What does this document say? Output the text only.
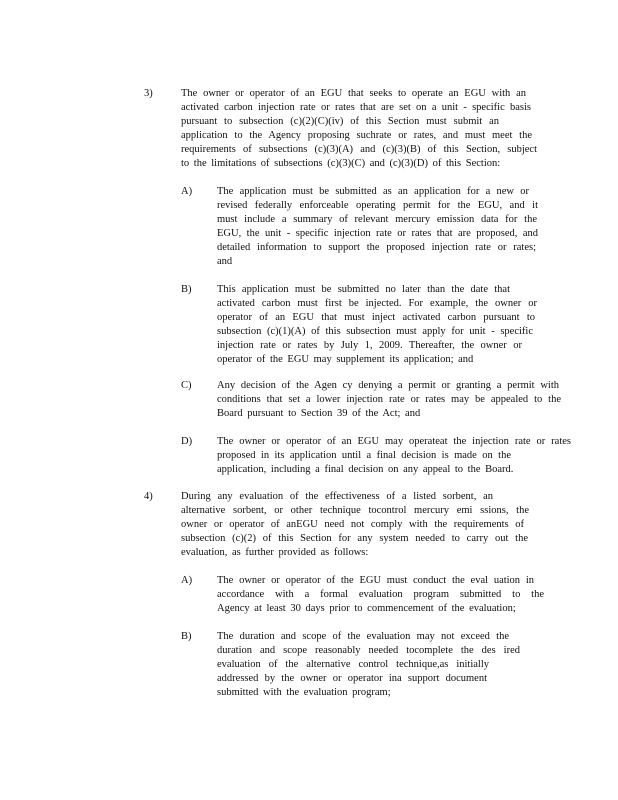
3)	The owner or operator of an EGU that seeks to operate an EGU with an
activated carbon injection rate or rates that are set on a unit - specific basis
pursuant to subsection (c)(2)(C)(iv) of this Section must submit an
application to the Agency proposing suchrate or rates, and must meet the
requirements of subsections (c)(3)(A) and (c)(3)(B) of this Section, subject
to the limitations of subsections (c)(3)(C) and (c)(3)(D) of this Section:
A) The application must be submitted as an application for a new or
revised federally enforceable operating permit for the EGU, and it
must include a summary of relevant mercury emission data for the
EGU, the unit - specific injection rate or rates that are proposed, and
detailed information to support the proposed injection rate or rates;
and
B) This application must be submitted no later than the date that
activated carbon must first be injected. For example, the owner or
operator of an EGU that must inject activated carbon pursuant to
subsection (c)(1)(A) of this subsection must apply for unit - specific
injection rate or rates by July 1, 2009. Thereafter, the owner or
operator of the EGU may supplement its application; and
C) Any decision of the Agen cy denying a permit or granting a permit with
conditions that set a lower injection rate or rates may be appealed to the
Board pursuant to Section 39 of the Act; and
D) The owner or operator of an EGU may operateat the injection rate or rates
proposed in its application until a final decision is made on the
application, including a final decision on any appeal to the Board.
4)	During any evaluation of the effectiveness of a listed sorbent, an
alternative sorbent, or other technique tocontrol mercury emi ssions, the
owner or operator of anEGU need not comply with the requirements of
subsection (c)(2) of this Section for any system needed to carry out the
evaluation, as further provided as follows:
A) The owner or operator of the EGU must conduct the eval uation in
accordance with a formal evaluation program submitted to the
Agency at least 30 days prior to commencement of the evaluation;
B) The duration and scope of the evaluation may not exceed the
duration and scope reasonably needed tocomplete the des ired
evaluation of the alternative control technique,as initially
addressed by the owner or operator ina support document
submitted with the evaluation program;
